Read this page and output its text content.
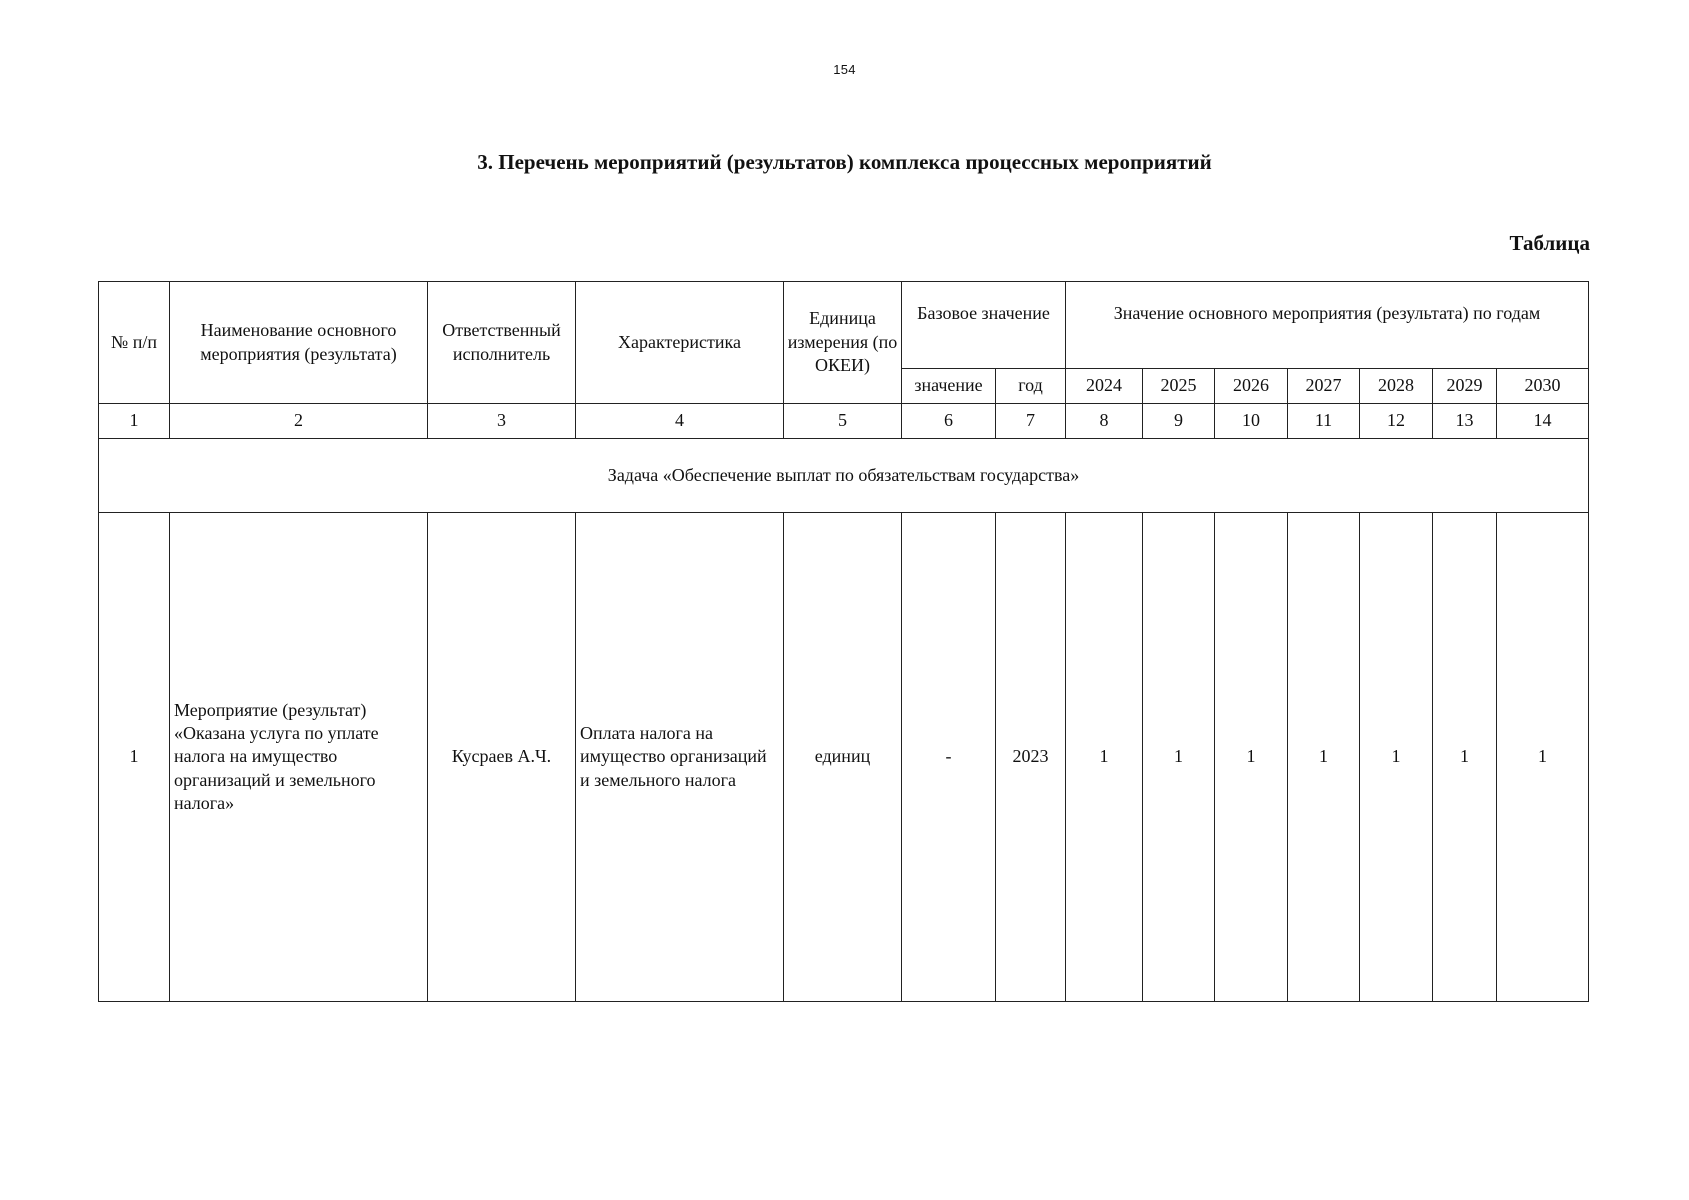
154
3. Перечень мероприятий (результатов) комплекса процессных мероприятий
Таблица
№ п/п	Наименование основного мероприятия (результата)	Ответственный исполнитель	Характеристика	Единица измерения (по ОКЕИ)	Базовое значение		Значение основного мероприятия (результата) по годам						
					значение	год	2024	2025	2026	2027	2028	2029	2030
1	2	3	4	5	6	7	8	9	10	11	12	13	14
Задача «Обеспечение выплат по обязательствам государства»													
1	Мероприятие (результат) «Оказана услуга по уплате налога на имущество организаций и земельного налога»	Кусраев А.Ч.	Оплата налога на имущество организаций и земельного налога	единиц	-	2023	1	1	1	1	1	1	1
